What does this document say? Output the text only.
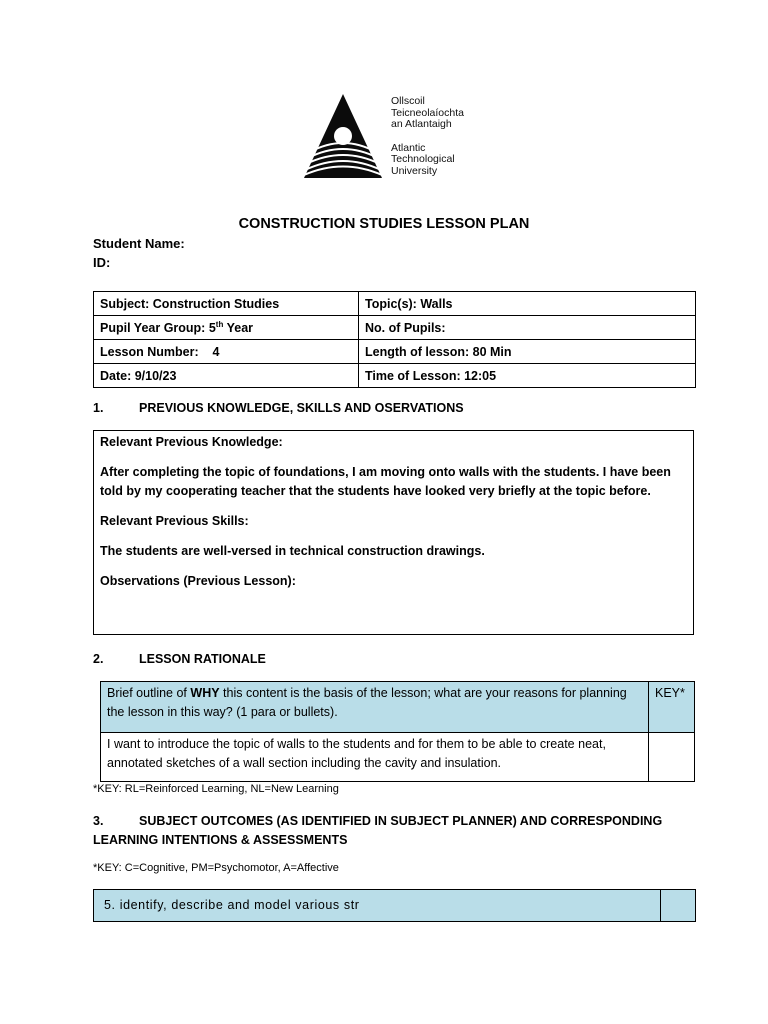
Ollscoil
Teicneolaíochta
an Atlantaigh
Atlantic
Technological
University
CONSTRUCTION STUDIES LESSON PLAN
Student Name:
ID:
Subject: Construction Studies	Topic(s): Walls
Pupil Year Group: 5th Year	No. of Pupils:
Lesson Number:    4	Length of lesson: 80 Min
Date: 9/10/23	Time of Lesson: 12:05
1.	PREVIOUS KNOWLEDGE, SKILLS AND OSERVATIONS

Relevant Previous Knowledge:

After completing the topic of foundations, I am moving onto walls with the students. I have been told by my cooperating teacher that the students have looked very briefly at the topic before.

Relevant Previous Skills:

The students are well-versed in technical construction drawings.

Observations (Previous Lesson):

2.	LESSON RATIONALE
Brief outline of WHY this content is the basis of the lesson; what are your reasons for planning the lesson in this way? (1 para or bullets).	KEY*
I want to introduce the topic of walls to the students and for them to be able to create neat, annotated sketches of a wall section including the cavity and insulation.	
*KEY: RL=Reinforced Learning, NL=New Learning
3.	SUBJECT OUTCOMES (AS IDENTIFIED IN SUBJECT PLANNER) AND CORRESPONDING
LEARNING INTENTIONS & ASSESSMENTS
*KEY: C=Cognitive, PM=Psychomotor, A=Affective
5. identify, describe and model various str
